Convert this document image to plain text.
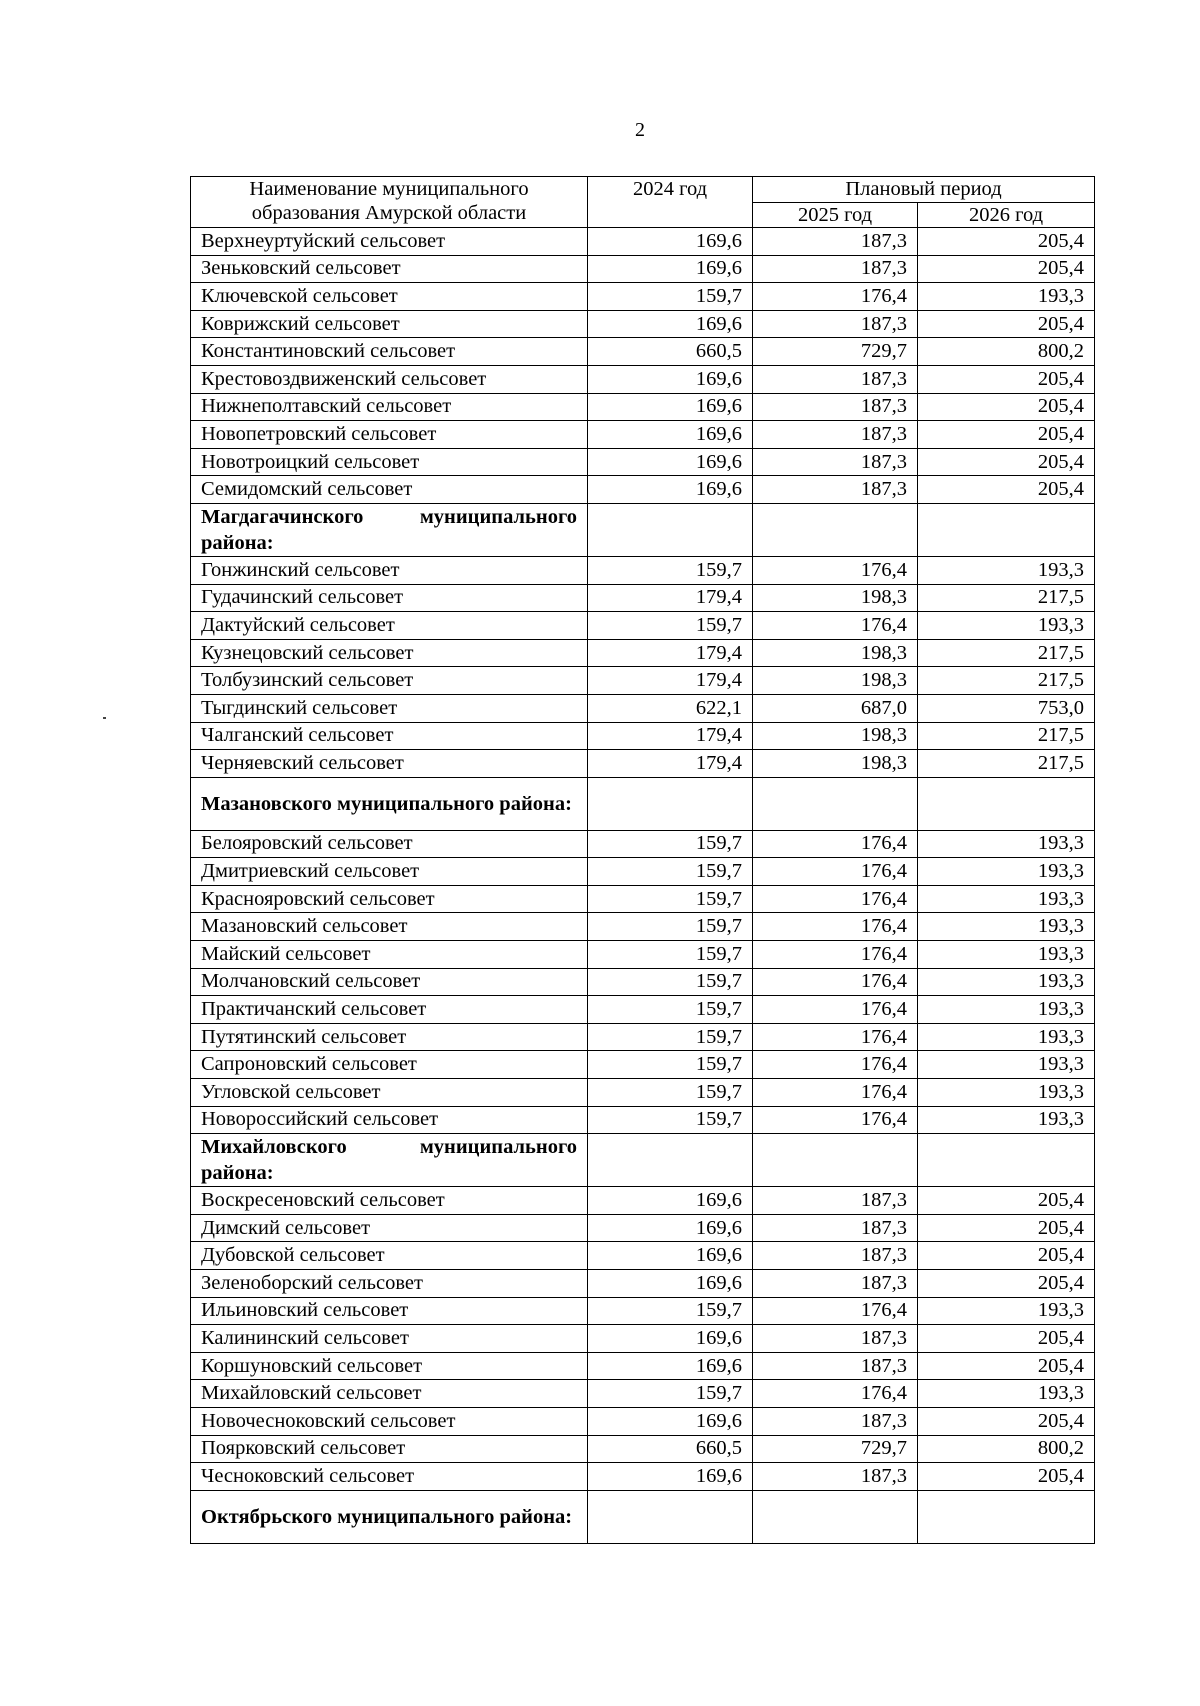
2
Наименование муниципального образования Амурской области	2024 год	Плановый период	
		2025 год	2026 год
Верхнеуртуйский сельсовет	169,6	187,3	205,4
Зеньковский сельсовет	169,6	187,3	205,4
Ключевской сельсовет	159,7	176,4	193,3
Коврижский сельсовет	169,6	187,3	205,4
Константиновский сельсовет	660,5	729,7	800,2
Крестовоздвиженский сельсовет	169,6	187,3	205,4
Нижнеполтавский сельсовет	169,6	187,3	205,4
Новопетровский сельсовет	169,6	187,3	205,4
Новотроицкий сельсовет	169,6	187,3	205,4
Семидомский сельсовет	169,6	187,3	205,4
Магдагачинского муниципального района:			
Гонжинский сельсовет	159,7	176,4	193,3
Гудачинский сельсовет	179,4	198,3	217,5
Дактуйский сельсовет	159,7	176,4	193,3
Кузнецовский сельсовет	179,4	198,3	217,5
Толбузинский сельсовет	179,4	198,3	217,5
Тыгдинский сельсовет	622,1	687,0	753,0
Чалганский сельсовет	179,4	198,3	217,5
Черняевский сельсовет	179,4	198,3	217,5
Мазановского муниципального района:			
Белояровский сельсовет	159,7	176,4	193,3
Дмитриевский сельсовет	159,7	176,4	193,3
Краснояровский сельсовет	159,7	176,4	193,3
Мазановский сельсовет	159,7	176,4	193,3
Майский сельсовет	159,7	176,4	193,3
Молчановский сельсовет	159,7	176,4	193,3
Практичанский сельсовет	159,7	176,4	193,3
Путятинский сельсовет	159,7	176,4	193,3
Сапроновский сельсовет	159,7	176,4	193,3
Угловской сельсовет	159,7	176,4	193,3
Новороссийский сельсовет	159,7	176,4	193,3
Михайловского муниципального района:			
Воскресеновский сельсовет	169,6	187,3	205,4
Димский сельсовет	169,6	187,3	205,4
Дубовской сельсовет	169,6	187,3	205,4
Зеленоборский сельсовет	169,6	187,3	205,4
Ильиновский сельсовет	159,7	176,4	193,3
Калининский сельсовет	169,6	187,3	205,4
Коршуновский сельсовет	169,6	187,3	205,4
Михайловский сельсовет	159,7	176,4	193,3
Новочесноковский сельсовет	169,6	187,3	205,4
Поярковский сельсовет	660,5	729,7	800,2
Чесноковский сельсовет	169,6	187,3	205,4
Октябрьского муниципального района:			
